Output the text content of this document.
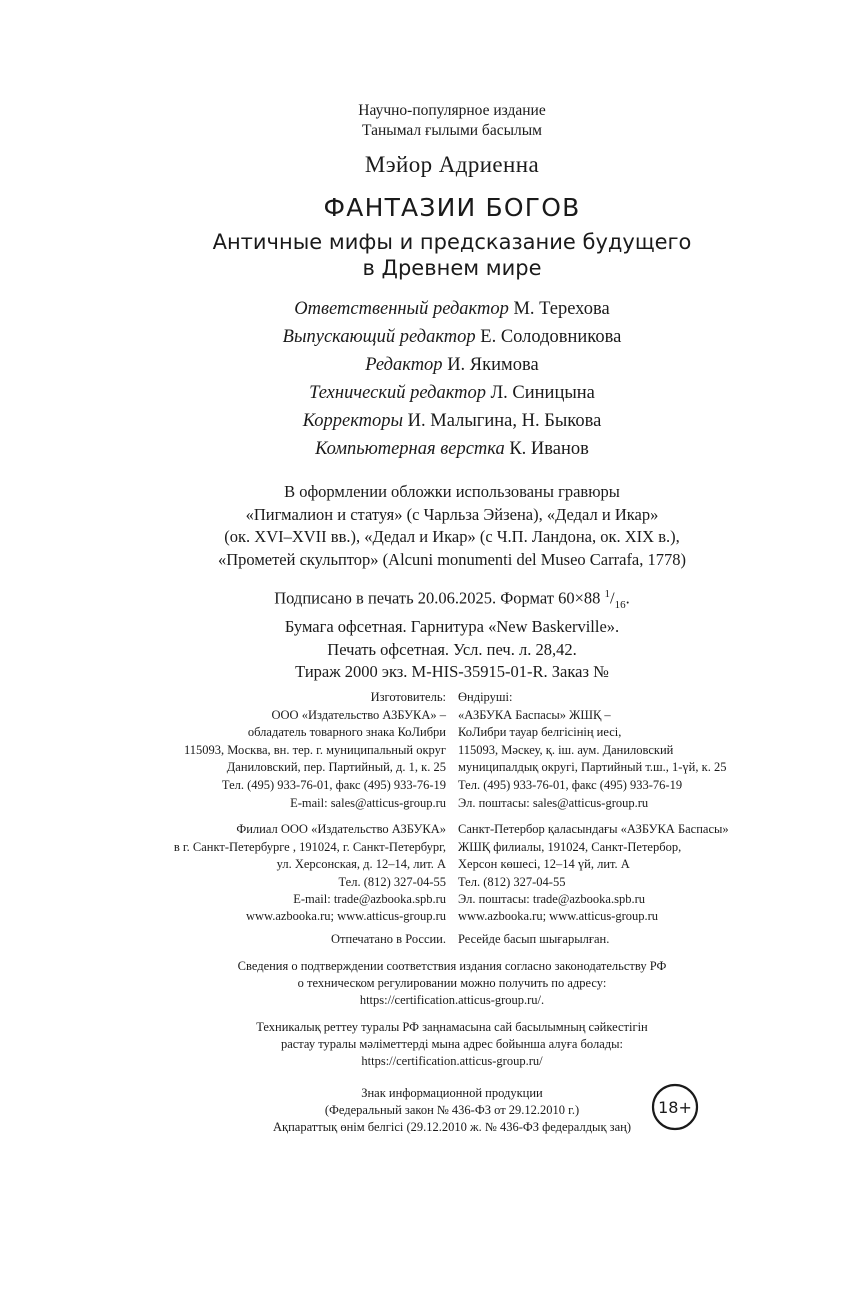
Научно-популярное издание
Танымал ғылыми басылым
Мэйор Адриенна
ФАНТАЗИИ БОГОВ
Античные мифы и предсказание будущего
в Древнем мире
Ответственный редактор М. Терехова
Выпускающий редактор Е. Солодовникова
Редактор И. Якимова
Технический редактор Л. Синицына
Корректоры И. Малыгина, Н. Быкова
Компьютерная верстка К. Иванов
В оформлении обложки использованы гравюры
«Пигмалион и статуя» (с Чарльза Эйзена), «Дедал и Икар»
(ок. XVI–XVII вв.), «Дедал и Икар» (с Ч.П. Ландона, ок. XIX в.),
«Прометей скульптор» (Alcuni monumenti del Museo Carrafa, 1778)
Подписано в печать 20.06.2025. Формат 60×88 $^1/_{16}$.
Бумага офсетная. Гарнитура «New Baskerville».
Печать офсетная. Усл. печ. л. 28,42.
Тираж 2000 экз. M-HIS-35915-01-R. Заказ №
Изготовитель:
ООО «Издательство АЗБУКА» –
обладатель товарного знака КоЛибри
115093, Москва, вн. тер. г. муниципальный округ
Даниловский, пер. Партийный, д. 1, к. 25
Тел. (495) 933-76-01, факс (495) 933-76-19
E-mail: sales@atticus-group.ru
Өндіруші:
«АЗБУКА Баспасы» ЖШҚ –
КоЛибри тауар белгісінің иесі,
115093, Мәскеу, қ. іш. аум. Даниловский
муниципалдық округі, Партийный т.ш., 1-үй, к. 25
Тел. (495) 933-76-01, факс (495) 933-76-19
Эл. поштасы: sales@atticus-group.ru
Филиал ООО «Издательство АЗБУКА»
в г. Санкт-Петербурге , 191024, г. Санкт-Петербург,
ул. Херсонская, д. 12–14, лит. А
Тел. (812) 327-04-55
E-mail: trade@azbooka.spb.ru
Санкт-Петербор қаласындағы «АЗБУКА Баспасы»
ЖШҚ филиалы, 191024, Санкт-Петербор,
Херсон көшесі, 12–14 үй, лит. А
Тел. (812) 327-04-55
Эл. поштасы: trade@azbooka.spb.ru
www.azbooka.ru; www.atticus-group.ru www.azbooka.ru; www.atticus-group.ru
Отпечатано в России. Ресейде басып шығарылған.
Сведения о подтверждении соответствия издания согласно законодательству РФ
о техническом регулировании можно получить по адресу:
https://certification.atticus-group.ru/.
Техникалық реттеу туралы РФ заңнамасына сай басылымның сәйкестігін
растау туралы мәліметтерді мына адрес бойынша алуға болады:
https://certification.atticus-group.ru/
Знак информационной продукции
(Федеральный закон № 436-ФЗ от 29.12.2010 г.)
Ақпараттық өнім белгісі (29.12.2010 ж. № 436-ФЗ федералдық заң)
18+
